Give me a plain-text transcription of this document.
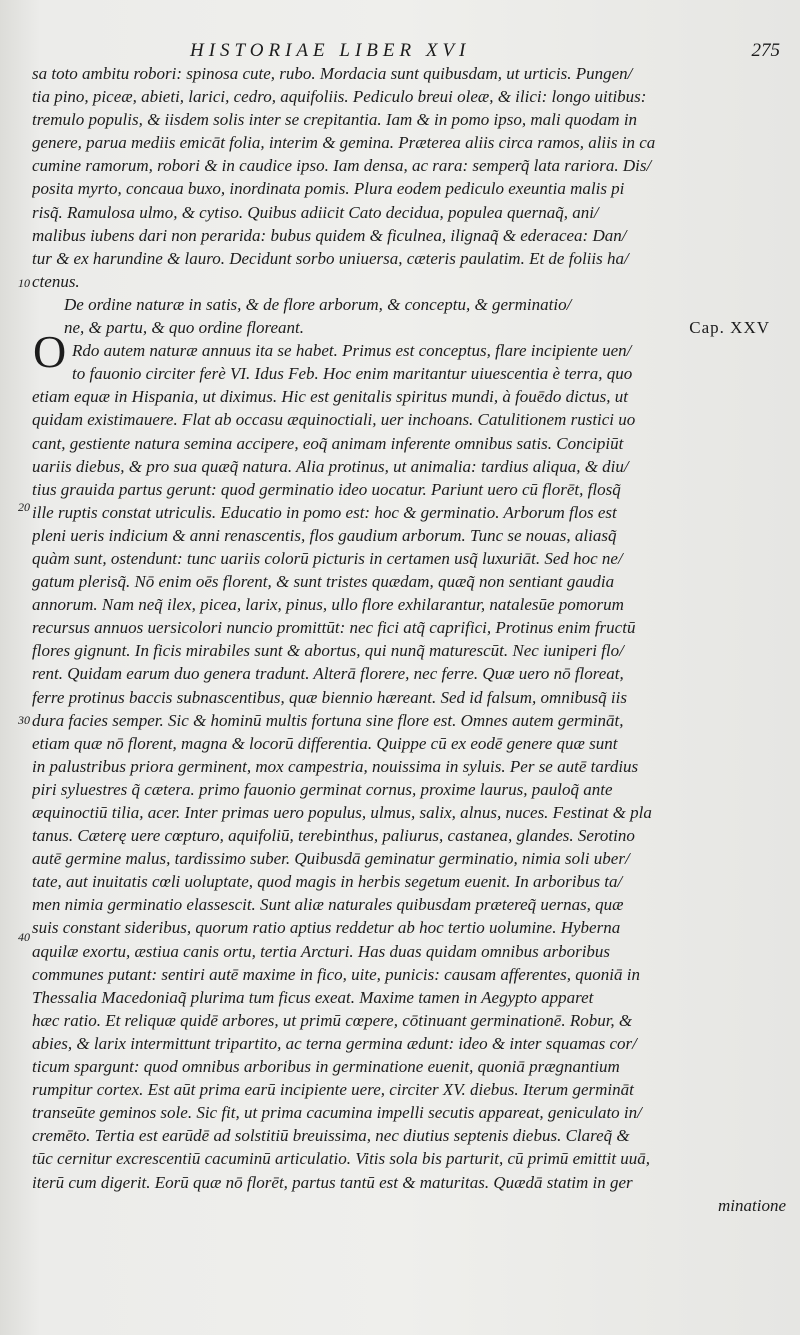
HISTORIAE LIBER XVI	275
10
20
30
40
O
sa toto ambitu robori: spinosa cute, rubo. Mordacia sunt quibusdam, ut urticis. Pungen/
tia pino, piceæ, abieti, larici, cedro, aquifoliis. Pediculo breui oleæ, & ilici: longo uitibus:
tremulo populis, & iisdem solis inter se crepitantia. Iam & in pomo ipso, mali quodam in
genere, parua mediis emicāt folia, interim & gemina. Præterea aliis circa ramos, aliis in ca
cumine ramorum, robori & in caudice ipso. Iam densa, ac rara: semperq̃ lata rariora. Dis/
posita myrto, concaua buxo, inordinata pomis. Plura eodem pediculo exeuntia malis pi
risq̃. Ramulosa ulmo, & cytiso. Quibus adiicit Cato decidua, populea quernaq̃, ani/
malibus iubens dari non perarida: bubus quidem & ficulnea, ilignaq̃ & ederacea: Dan/
tur & ex harundine & lauro. Decidunt sorbo uniuersa, cæteris paulatim. Et de foliis ha/
ctenus.
De ordine naturæ in satis, & de flore arborum, & conceptu, & germinatio/
ne, & partu, & quo ordine floreant.	Cap. XXV
Rdo autem naturæ annuus ita se habet. Primus est conceptus, flare incipiente uen/
to fauonio circiter ferè VI. Idus Feb. Hoc enim maritantur uiuescentia è terra, quo
etiam equæ in Hispania, ut diximus. Hic est genitalis spiritus mundi, à fouēdo dictus, ut
quidam existimauere. Flat ab occasu æquinoctiali, uer inchoans. Catulitionem rustici uo
cant, gestiente natura semina accipere, eoq̃ animam inferente omnibus satis. Concipiūt
uariis diebus, & pro sua quæq̃ natura. Alia protinus, ut animalia: tardius aliqua, & diu/
tius grauida partus gerunt: quod germinatio ideo uocatur. Pariunt uero cū florēt, flosq̃
ille ruptis constat utriculis. Educatio in pomo est: hoc & germinatio. Arborum flos est
pleni ueris indicium & anni renascentis, flos gaudium arborum. Tunc se nouas, aliasq̃
quàm sunt, ostendunt: tunc uariis colorū picturis in certamen usq̃ luxuriāt. Sed hoc ne/
gatum plerisq̃. Nō enim oēs florent, & sunt tristes quædam, quæq̃ non sentiant gaudia
annorum. Nam neq̃ ilex, picea, larix, pinus, ullo flore exhilarantur, natalesūe pomorum
recursus annuos uersicolori nuncio promittūt: nec fici atq̃ caprifici, Protinus enim fructū
flores gignunt. In ficis mirabiles sunt & abortus, qui nunq̃ maturescūt. Nec iuniperi flo/
rent. Quidam earum duo genera tradunt. Alterā florere, nec ferre. Quæ uero nō floreat,
ferre protinus baccis subnascentibus, quæ biennio hæreant. Sed id falsum, omnibusq̃ iis
dura facies semper. Sic & hominū multis fortuna sine flore est. Omnes autem germināt,
etiam quæ nō florent, magna & locorū differentia. Quippe cū ex eodē genere quæ sunt
in palustribus priora germinent, mox campestria, nouissima in syluis. Per se autē tardius
piri syluestres q̃ cætera. primo fauonio germinat cornus, proxime laurus, pauloq̃ ante
æquinoctiū tilia, acer. Inter primas uero populus, ulmus, salix, alnus, nuces. Festinat & pla
tanus. Cæterę uere cœpturo, aquifoliū, terebinthus, paliurus, castanea, glandes. Serotino
autē germine malus, tardissimo suber. Quibusdā geminatur germinatio, nimia soli uber/
tate, aut inuitatis cœli uoluptate, quod magis in herbis segetum euenit. In arboribus ta/
men nimia germinatio elassescit. Sunt aliæ naturales quibusdam prætereq̃ uernas, quæ
suis constant sideribus, quorum ratio aptius reddetur ab hoc tertio uolumine. Hyberna
aquilæ exortu, æstiua canis ortu, tertia Arcturi. Has duas quidam omnibus arboribus
communes putant: sentiri autē maxime in fico, uite, punicis: causam afferentes, quoniā in
Thessalia Macedoniaq̃ plurima tum ficus exeat. Maxime tamen in Aegypto apparet
hæc ratio. Et reliquæ quidē arbores, ut primū cœpere, cōtinuant germinationē. Robur, &
abies, & larix intermittunt tripartito, ac terna germina ædunt: ideo & inter squamas cor/
ticum spargunt: quod omnibus arboribus in germinatione euenit, quoniā prægnantium
rumpitur cortex. Est aūt prima earū incipiente uere, circiter XV. diebus. Iterum germināt
transeūte geminos sole. Sic fit, ut prima cacumina impelli secutis appareat, geniculato in/
cremēto. Tertia est earūdē ad solstitiū breuissima, nec diutius septenis diebus. Clareq̃ &
tūc cernitur excrescentiū cacuminū articulatio. Vitis sola bis parturit, cū primū emittit uuā,
iterū cum digerit. Eorū quæ nō florēt, partus tantū est & maturitas. Quædā statim in ger
minatione
